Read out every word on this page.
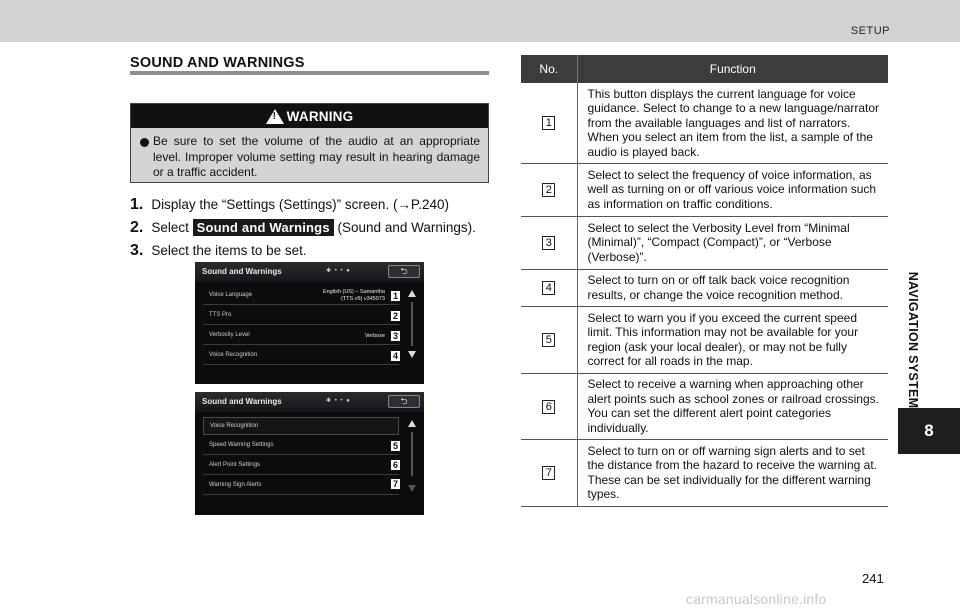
SETUP
NAVIGATION SYSTEM
8
SOUND AND WARNINGS
! WARNING
Be sure to set the volume of the audio at an appropriate level. Improper volume setting may result in hearing damage or a traffic accident.
1. Display the “Settings (Settings)” screen. (→P.240)
2. Select Sound and Warnings (Sound and Warnings).
3. Select the items to be set.
Sound and Warnings	✱ • • ●	⮌
Voice Language	English (US) – Samantha
(TTS v5) v345973
TTS Pro
Verbosity Level	Verbose
Voice Recognition
1
2
3
4
Sound and Warnings	✱ • • ●	⮌
Voice Recognition
Speed Warning Settings
Alert Point Settings
Warning Sign Alerts
5
6
7
No.	Function
1	This button displays the current language for voice guidance. Select to change to a new language/narrator from the available languages and list of narrators. When you select an item from the list, a sample of the audio is played back.
2	Select to select the frequency of voice information, as well as turning on or off various voice information such as information on traffic conditions.
3	Select to select the Verbosity Level from “Minimal (Minimal)”, “Compact (Compact)”, or “Verbose (Verbose)”.
4	Select to turn on or off talk back voice recognition results, or change the voice recognition method.
5	Select to warn you if you exceed the current speed limit. This information may not be available for your region (ask your local dealer), or may not be fully correct for all roads in the map.
6	Select to receive a warning when approaching other alert points such as school zones or railroad crossings. You can set the different alert point categories individually.
7	Select to turn on or off warning sign alerts and to set the distance from the hazard to receive the warning at. These can be set individually for the different warning types.
241
carmanualsonline.info
